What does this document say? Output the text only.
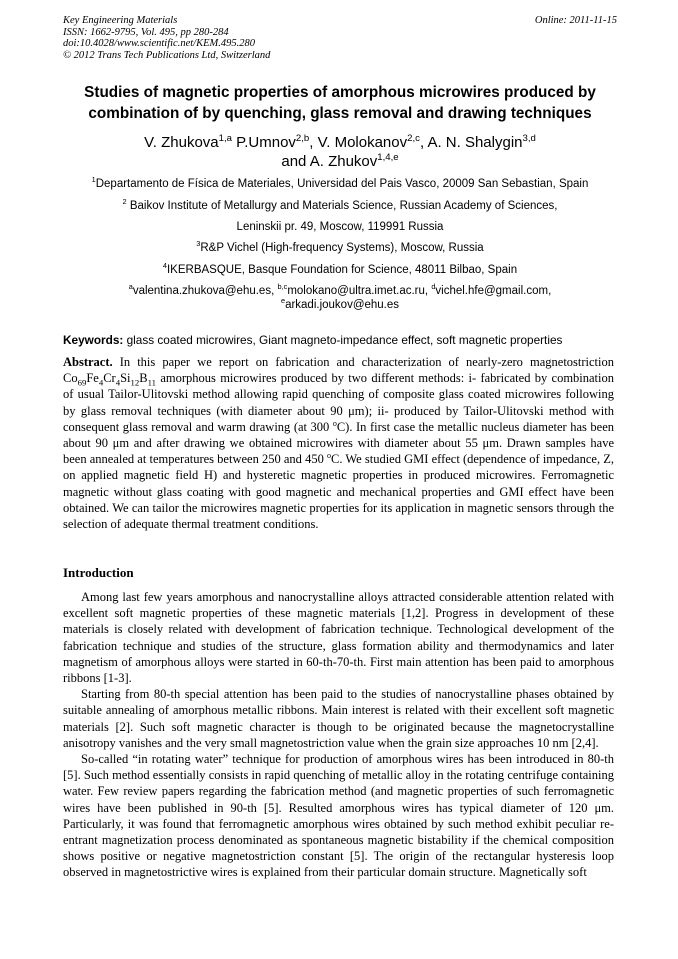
Key Engineering Materials
ISSN: 1662-9795, Vol. 495, pp 280-284
doi:10.4028/www.scientific.net/KEM.495.280
© 2012 Trans Tech Publications Ltd, Switzerland
Online: 2011-11-15
Studies of magnetic properties of amorphous microwires produced by
combination of by quenching, glass removal and drawing techniques
V. Zhukova$^{1,a}$ P.Umnov$^{2,b}$, V. Molokanov$^{2,c}$, A. N. Shalygin$^{3,d}$
and A. Zhukov$^{1,4,e}$
$^1$Departamento de Física de Materiales, Universidad del Pais Vasco, 20009 San Sebastian, Spain
$^2$ Baikov Institute of Metallurgy and Materials Science, Russian Academy of Sciences,
Leninskii pr. 49, Moscow, 119991 Russia
$^3$R&P Vichel (High-frequency Systems), Moscow, Russia
$^4$IKERBASQUE, Basque Foundation for Science, 48011 Bilbao, Spain
$^a$valentina.zhukova@ehu.es, $^{b,c}$molokano@ultra.imet.ac.ru, $^d$vichel.hfe@gmail.com,
$^e$arkadi.joukov@ehu.es
Keywords: glass coated microwires, Giant magneto-impedance effect, soft magnetic properties

Abstract. In this paper we report on fabrication and characterization of nearly-zero magnetostriction $Co_{69}Fe_4Cr_4Si_{12}B_{11}$ amorphous microwires produced by two different methods: i- fabricated by combination of usual Tailor-Ulitovski method allowing rapid quenching of composite glass coated microwires following by glass removal techniques (with diameter about 90 μm); ii- produced by Tailor-Ulitovski method with consequent glass removal and warm drawing (at 300 $^o$C). In first case the metallic nucleus diameter has been about 90 μm and after drawing we obtained microwires with diameter about 55 μm. Drawn samples have been annealed at temperatures between 250 and 450 $^o$C. We studied GMI effect (dependence of impedance, Z, on applied magnetic field H) and hysteretic magnetic properties in produced microwires. Ferromagnetic magnetic without glass coating with good magnetic and mechanical properties and GMI effect have been obtained. We can tailor the microwires magnetic properties for its application in magnetic sensors through the selection of adequate thermal treatment conditions.

Introduction

Among last few years amorphous and nanocrystalline alloys attracted considerable attention related with excellent soft magnetic properties of these magnetic materials [1,2]. Progress in development of these materials is closely related with development of fabrication technique. Technological development of the fabrication technique and studies of the structure, glass formation ability and thermodynamics and later magnetism of amorphous alloys were started in 60-th-70-th. First main attention has been paid to amorphous ribbons [1-3].

Starting from 80-th special attention has been paid to the studies of nanocrystalline phases obtained by suitable annealing of amorphous metallic ribbons. Main interest is related with their excellent soft magnetic materials [2]. Such soft magnetic character is though to be originated because the magnetocrystalline anisotropy vanishes and the very small magnetostriction value when the grain size approaches 10 nm [2,4].

So-called “in rotating water” technique for production of amorphous wires has been introduced in 80-th [5]. Such method essentially consists in rapid quenching of metallic alloy in the rotating centrifuge containing water. Few review papers regarding the fabrication method (and magnetic properties of such ferromagnetic wires have been published in 90-th [5]. Resulted amorphous wires has typical diameter of 120 μm. Particularly, it was found that ferromagnetic amorphous wires obtained by such method exhibit peculiar re-entrant magnetization process denominated as spontaneous magnetic bistability if the chemical composition shows positive or negative magnetostriction constant [5]. The origin of the rectangular hysteresis loop observed in magnetostrictive wires is explained from their particular domain structure. Magnetically soft
